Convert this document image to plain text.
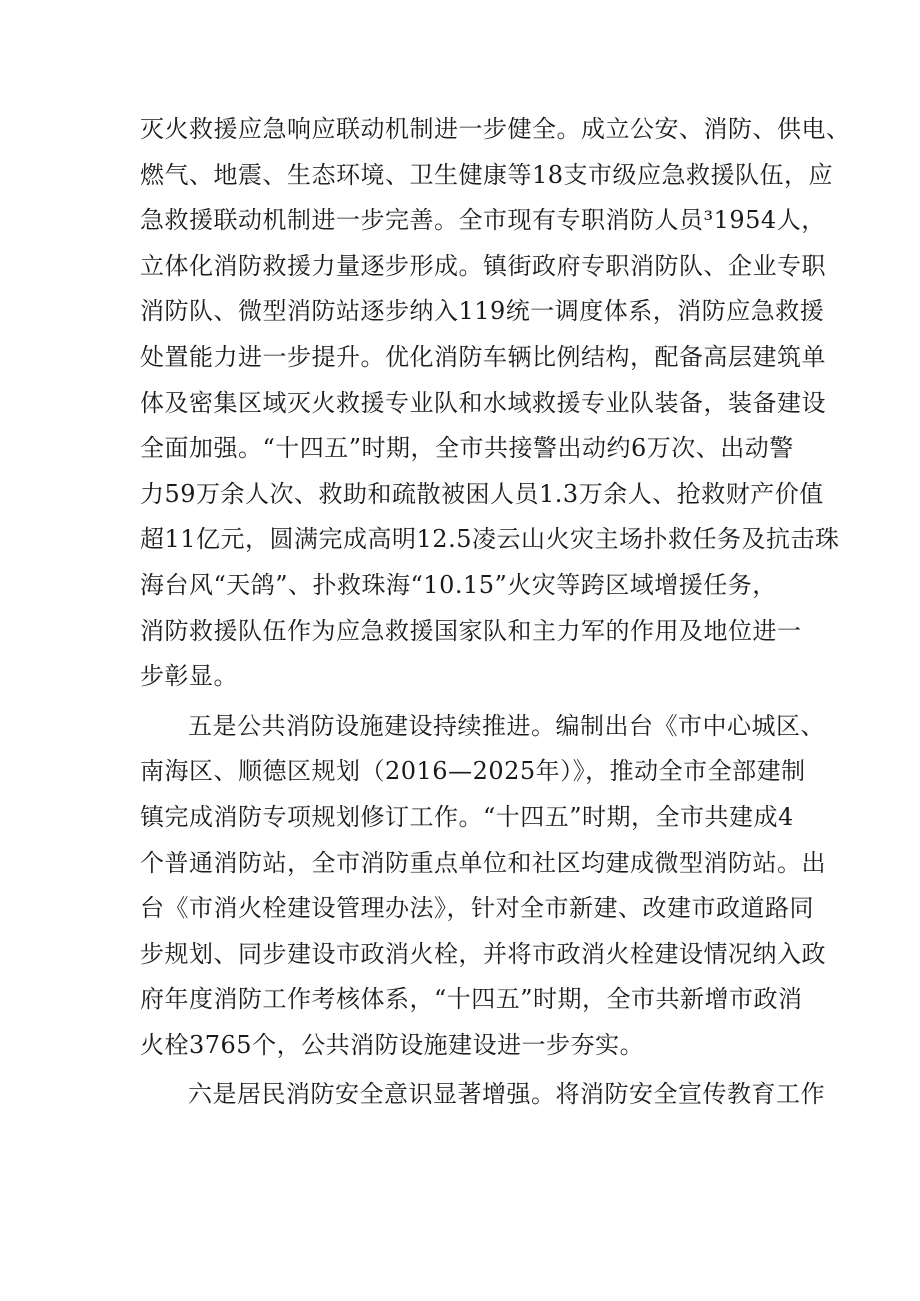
灭火救援应急响应联动机制进一步健全。成立公安、消防、供电、
燃气、地震、生态环境、卫生健康等18支市级应急救援队伍，应
急救援联动机制进一步完善。全市现有专职消防人员³1954人，
立体化消防救援力量逐步形成。镇街政府专职消防队、企业专职
消防队、微型消防站逐步纳入119统一调度体系，消防应急救援
处置能力进一步提升。优化消防车辆比例结构，配备高层建筑单
体及密集区域灭火救援专业队和水域救援专业队装备，装备建设
全面加强。“十四五”时期，全市共接警出动约6万次、出动警
力59万余人次、救助和疏散被困人员1.3万余人、抢救财产价值
超11亿元，圆满完成高明12.5凌云山火灾主场扑救任务及抗击珠
海台风“天鸽”、扑救珠海“10.15”火灾等跨区域增援任务，
消防救援队伍作为应急救援国家队和主力军的作用及地位进一
步彰显。
五是公共消防设施建设持续推进。编制出台《市中心城区、
南海区、顺德区规划（2016—2025年）》，推动全市全部建制
镇完成消防专项规划修订工作。“十四五”时期，全市共建成4
个普通消防站，全市消防重点单位和社区均建成微型消防站。出
台《市消火栓建设管理办法》，针对全市新建、改建市政道路同
步规划、同步建设市政消火栓，并将市政消火栓建设情况纳入政
府年度消防工作考核体系，“十四五”时期，全市共新增市政消
火栓3765个，公共消防设施建设进一步夯实。
六是居民消防安全意识显著增强。将消防安全宣传教育工作
